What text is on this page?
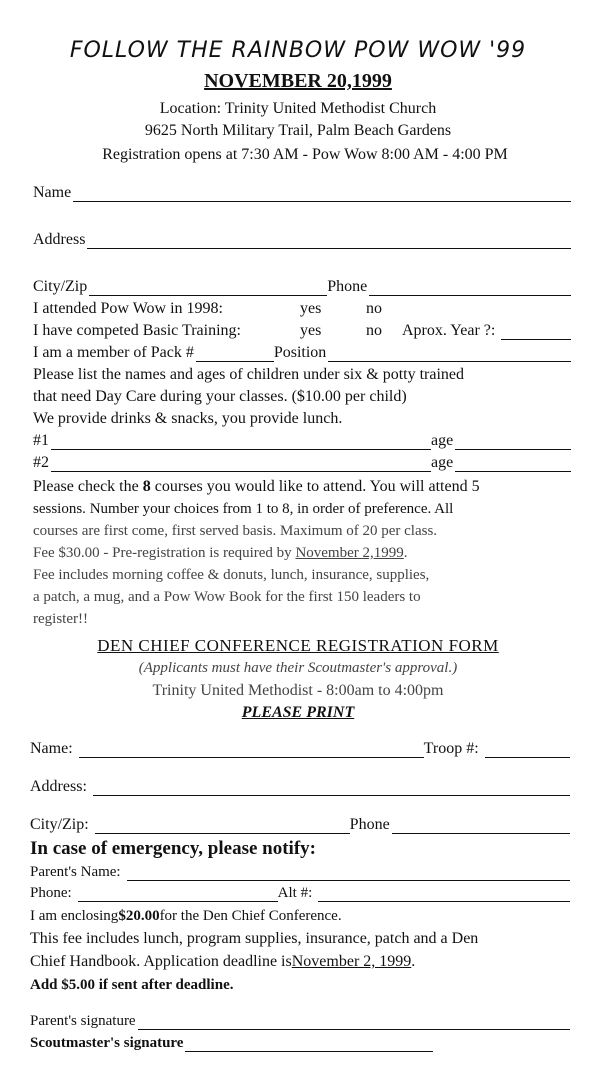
FOLLOW THE RAINBOW POW WOW '99
NOVEMBER 20,1999
Location: Trinity United Methodist Church
9625 North Military Trail, Palm Beach Gardens
Registration opens at 7:30 AM - Pow Wow 8:00 AM - 4:00 PM
Name
Address
City/Zip	Phone
I attended Pow Wow in 1998:	yes	no
I have competed Basic Training:	yes	no	Aprox. Year ?:
I am a member of Pack #	Position
Please list the names and ages of children under six & potty trained
that need Day Care during your classes. ($10.00 per child)
We provide drinks & snacks, you provide lunch.
#1	age
#2	age
Please check the 8 courses you would like to attend. You will attend 5
sessions. Number your choices from 1 to 8, in order of preference. All
courses are first come, first served basis. Maximum of 20 per class.
Fee $30.00 - Pre-registration is required by November 2,1999.
Fee includes morning coffee & donuts, lunch, insurance, supplies,
a patch, a mug, and a Pow Wow Book for the first 150 leaders to
register!!
DEN CHIEF CONFERENCE REGISTRATION FORM
(Applicants must have their Scoutmaster's approval.)
Trinity United Methodist - 8:00am to 4:00pm
PLEASE PRINT
Name:	Troop #:
Address:
City/Zip:	Phone
In case of emergency, please notify:
Parent's Name:
Phone:	Alt #:
I am enclosing $20.00 for the Den Chief Conference.
This fee includes lunch, program supplies, insurance, patch and a Den
Chief Handbook. Application deadline is November 2, 1999 .
Add $5.00 if sent after deadline.
Parent's signature
Scoutmaster's signature
